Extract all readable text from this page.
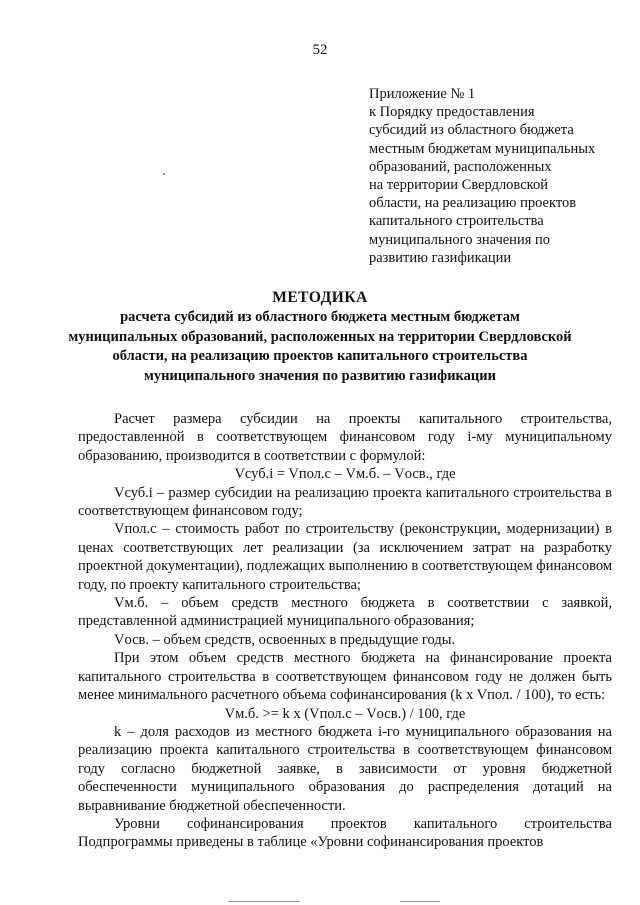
52
Приложение № 1
к Порядку предоставления
субсидий из областного бюджета
местным бюджетам муниципальных
образований, расположенных
на территории Свердловской
области, на реализацию проектов
капитального строительства
муниципального значения по
развитию газификации
МЕТОДИКА
расчета субсидий из областного бюджета местным бюджетам
муниципальных образований, расположенных на территории Свердловской
области, на реализацию проектов капитального строительства
муниципального значения по развитию газификации

Расчет размера субсидии на проекты капитального строительства, предоставленной в соответствующем финансовом году i-му муниципальному образованию, производится в соответствии с формулой:

Vсуб.i = Vпол.с – Vм.б. – Vосв., где

Vсуб.i – размер субсидии на реализацию проекта капитального строительства в соответствующем финансовом году;

Vпол.с – стоимость работ по строительству (реконструкции, модернизации) в ценах соответствующих лет реализации (за исключением затрат на разработку проектной документации), подлежащих выполнению в соответствующем финансовом году, по проекту капитального строительства;

Vм.б. – объем средств местного бюджета в соответствии с заявкой, представленной администрацией муниципального образования;

Vосв. – объем средств, освоенных в предыдущие годы.

При этом объем средств местного бюджета на финансирование проекта капитального строительства в соответствующем финансовом году не должен быть менее минимального расчетного объема софинансирования (k x Vпол. / 100), то есть:

Vм.б. >= k x (Vпол.с – Vосв.) / 100, где

k – доля расходов из местного бюджета i-го муниципального образования на реализацию проекта капитального строительства в соответствующем финансовом году согласно бюджетной заявке, в зависимости от уровня бюджетной обеспеченности муниципального образования до распределения дотаций на выравнивание бюджетной обеспеченности.

Уровни софинансирования проектов капитального строительства Подпрограммы приведены в таблице «Уровни софинансирования проектов
